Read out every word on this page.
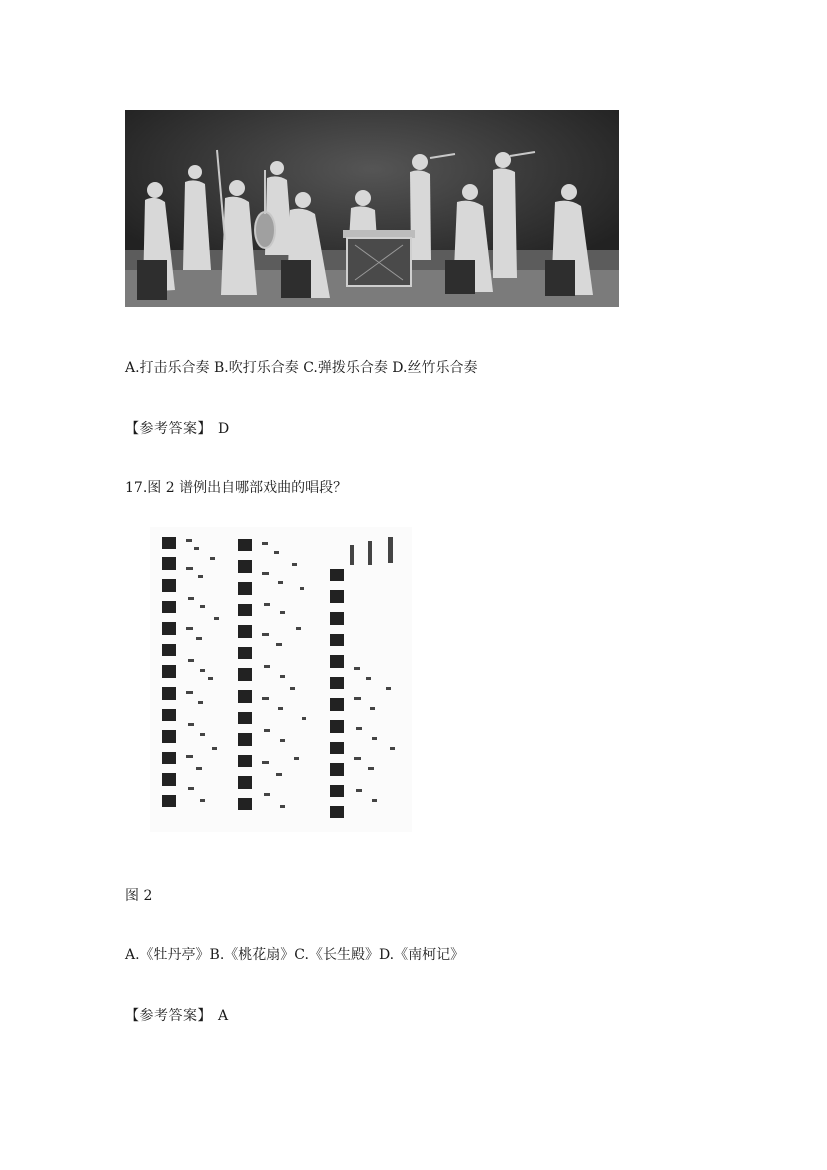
A.打击乐合奏 B.吹打乐合奏 C.弹拨乐合奏 D.丝竹乐合奏
【参考答案】 D
17.图 2 谱例出自哪部戏曲的唱段？
图 2
A.《牡丹亭》B.《桃花扇》C.《长生殿》D.《南柯记》
【参考答案】 A
